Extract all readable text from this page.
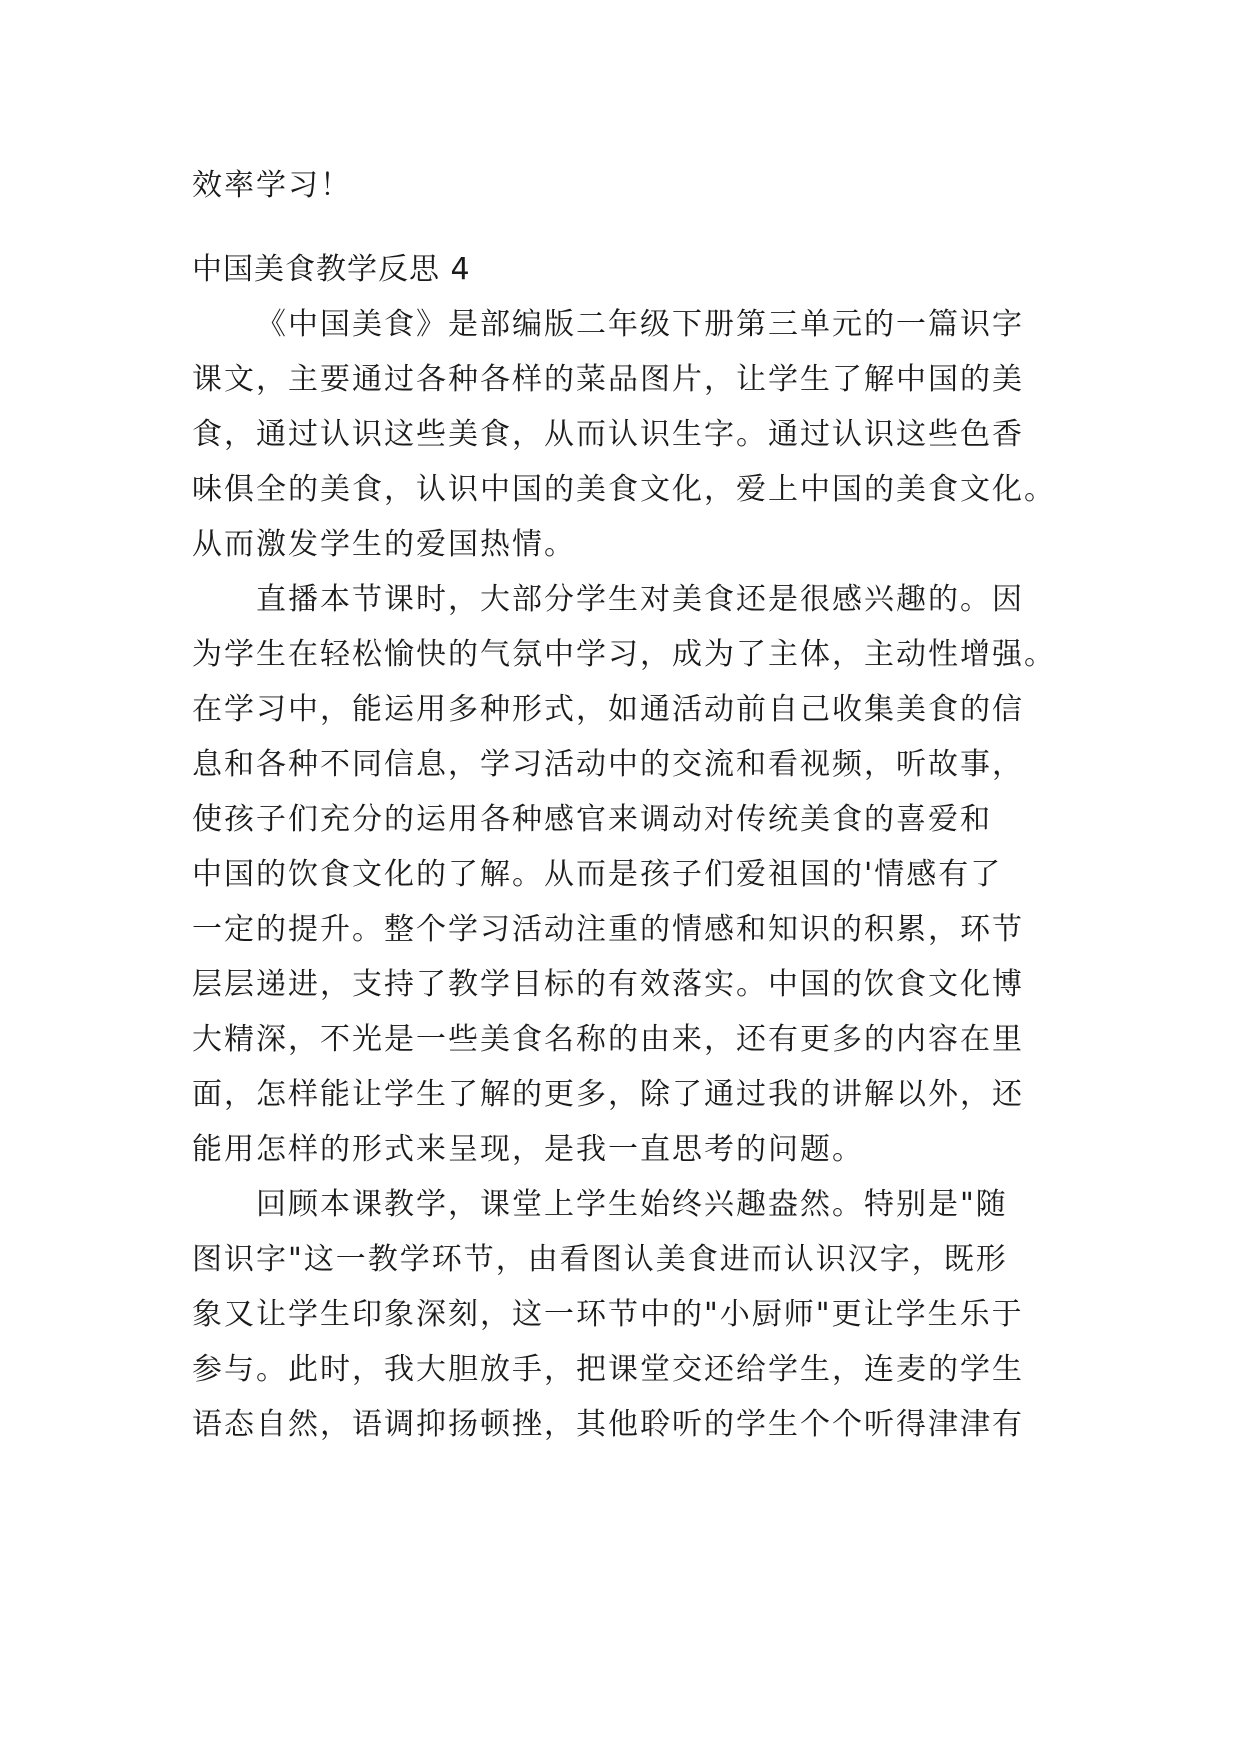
效率学习！

中国美食教学反思 4

《中国美食》是部编版二年级下册第三单元的一篇识字

课文，主要通过各种各样的菜品图片，让学生了解中国的美

食，通过认识这些美食，从而认识生字。通过认识这些色香

味俱全的美食，认识中国的美食文化，爱上中国的美食文化。

从而激发学生的爱国热情。

直播本节课时，大部分学生对美食还是很感兴趣的。因

为学生在轻松愉快的气氛中学习，成为了主体，主动性增强。

在学习中，能运用多种形式，如通活动前自己收集美食的信

息和各种不同信息，学习活动中的交流和看视频，听故事，

使孩子们充分的运用各种感官来调动对传统美食的喜爱和

中国的饮食文化的了解。从而是孩子们爱祖国的'情感有了

一定的提升。整个学习活动注重的情感和知识的积累，环节

层层递进，支持了教学目标的有效落实。中国的饮食文化博

大精深，不光是一些美食名称的由来，还有更多的内容在里

面，怎样能让学生了解的更多，除了通过我的讲解以外，还

能用怎样的形式来呈现，是我一直思考的问题。

回顾本课教学，课堂上学生始终兴趣盎然。特别是"随

图识字"这一教学环节，由看图认美食进而认识汉字，既形

象又让学生印象深刻，这一环节中的"小厨师"更让学生乐于

参与。此时，我大胆放手，把课堂交还给学生，连麦的学生

语态自然，语调抑扬顿挫，其他聆听的学生个个听得津津有
